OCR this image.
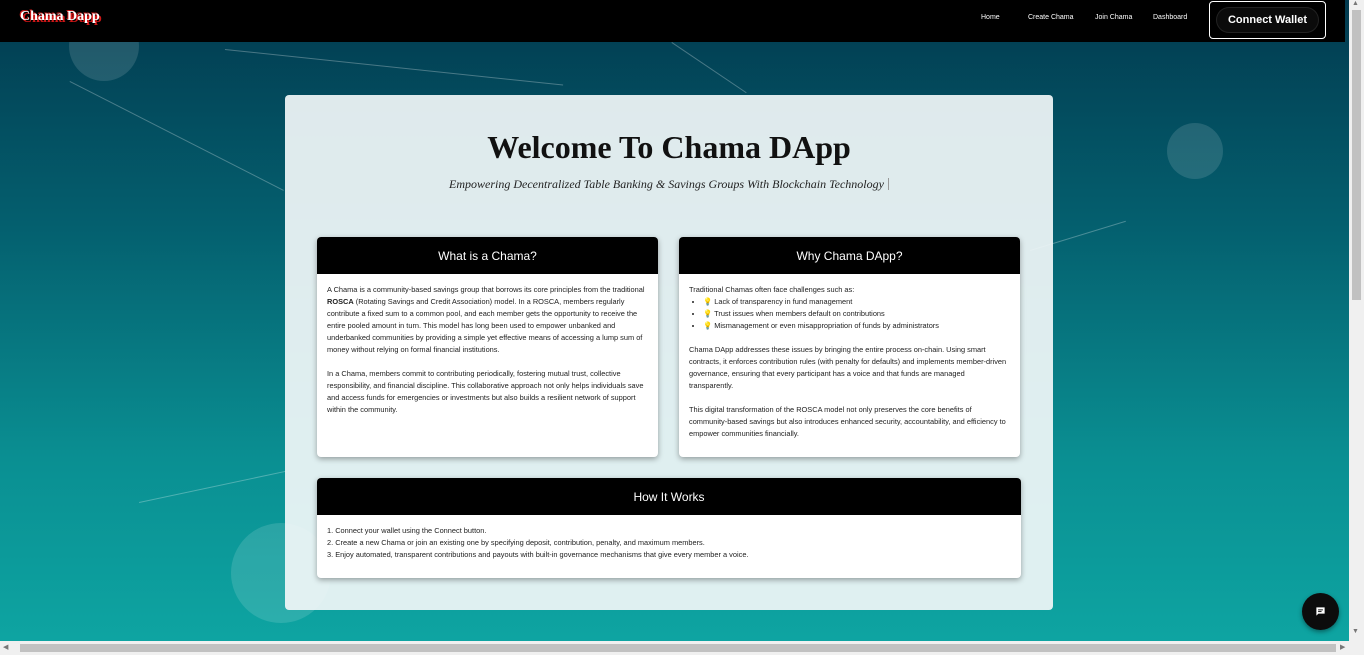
Chama Dapp	Home	Create Chama	Join Chama	Dashboard	Connect Wallet
Welcome To Chama DApp
Empowering Decentralized Table Banking & Savings Groups With Blockchain Technology
What is a Chama?

A Chama is a community-based savings group that borrows its core principles from the traditional ROSCA (Rotating Savings and Credit Association) model. In a ROSCA, members regularly contribute a fixed sum to a common pool, and each member gets the opportunity to receive the entire pooled amount in turn. This model has long been used to empower unbanked and underbanked communities by providing a simple yet effective means of accessing a lump sum of money without relying on formal financial institutions.

In a Chama, members commit to contributing periodically, fostering mutual trust, collective responsibility, and financial discipline. This collaborative approach not only helps individuals save and access funds for emergencies or investments but also builds a resilient network of support within the community.

Why Chama DApp?
Traditional Chamas often face challenges such as:
• 💡 Lack of transparency in fund management
• 💡 Trust issues when members default on contributions
• 💡 Mismanagement or even misappropriation of funds by administrators

Chama DApp addresses these issues by bringing the entire process on-chain. Using smart contracts, it enforces contribution rules (with penalty for defaults) and implements member-driven governance, ensuring that every participant has a voice and that funds are managed transparently.

This digital transformation of the ROSCA model not only preserves the core benefits of community-based savings but also introduces enhanced security, accountability, and efficiency to empower communities financially.

How It Works
1. Connect your wallet using the Connect button.
2. Create a new Chama or join an existing one by specifying deposit, contribution, penalty, and maximum members.
3. Enjoy automated, transparent contributions and payouts with built-in governance mechanisms that give every member a voice.
▲
▼
◀	▶
